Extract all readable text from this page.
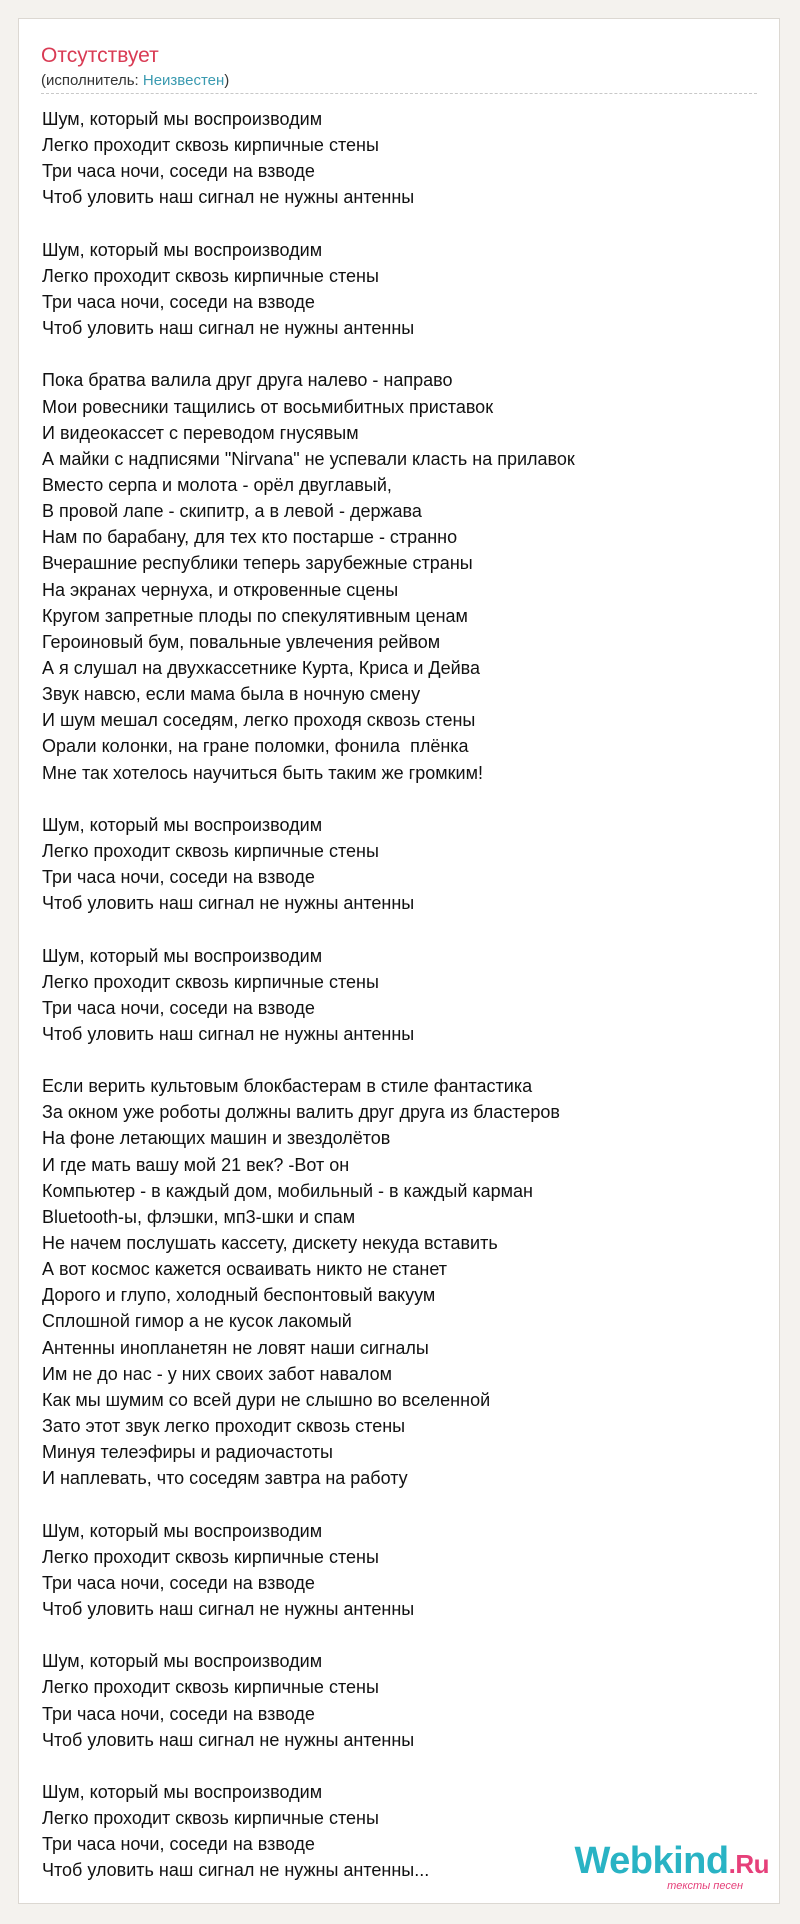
Отсутствует
(исполнитель: Неизвестен)
Шум, который мы воспроизводим
Легко проходит сквозь кирпичные стены
Три часа ночи, соседи на взводе
Чтоб уловить наш сигнал не нужны антенны

Шум, который мы воспроизводим
Легко проходит сквозь кирпичные стены
Три часа ночи, соседи на взводе
Чтоб уловить наш сигнал не нужны антенны

Пока братва валила друг друга налево - направо
Мои ровесники тащились от восьмибитных приставок
И видеокассет с переводом гнусявым
А майки с надписями "Nirvana" не успевали класть на прилавок
Вместо серпа и молота - орёл двуглавый,
В провой лапе - скипитр, а в левой - держава
Нам по барабану, для тех кто постарше - странно
Вчерашние республики теперь зарубежные страны
На экранах чернуха, и откровенные сцены
Кругом запретные плоды по спекулятивным ценам
Героиновый бум, повальные увлечения рейвом
А я слушал на двухкассетнике Курта, Криса и Дейва
Звук навсю, если мама была в ночную смену
И шум мешал соседям, легко проходя сквозь стены
Орали колонки, на гране поломки, фонила  плёнка
Мне так хотелось научиться быть таким же громким!

Шум, который мы воспроизводим
Легко проходит сквозь кирпичные стены
Три часа ночи, соседи на взводе
Чтоб уловить наш сигнал не нужны антенны

Шум, который мы воспроизводим
Легко проходит сквозь кирпичные стены
Три часа ночи, соседи на взводе
Чтоб уловить наш сигнал не нужны антенны

Если верить культовым блокбастерам в стиле фантастика
За окном уже роботы должны валить друг друга из бластеров
На фоне летающих машин и звездолётов
И где мать вашу мой 21 век? -Вот он
Компьютер - в каждый дом, мобильный - в каждый карман
Bluetooth-ы, флэшки, мп3-шки и спам
Не начем послушать кассету, дискету некуда вставить
А вот космос кажется осваивать никто не станет
Дорого и глупо, холодный беспонтовый вакуум
Сплошной гимор а не кусок лакомый
Антенны инопланетян не ловят наши сигналы
Им не до нас - у них своих забот навалом
Как мы шумим со всей дури не слышно во вселенной
Зато этот звук легко проходит сквозь стены
Минуя телеэфиры и радиочастоты
И наплевать, что соседям завтра на работу

Шум, который мы воспроизводим
Легко проходит сквозь кирпичные стены
Три часа ночи, соседи на взводе
Чтоб уловить наш сигнал не нужны антенны

Шум, который мы воспроизводим
Легко проходит сквозь кирпичные стены
Три часа ночи, соседи на взводе
Чтоб уловить наш сигнал не нужны антенны

Шум, который мы воспроизводим
Легко проходит сквозь кирпичные стены
Три часа ночи, соседи на взводе
Чтоб уловить наш сигнал не нужны антенны...	Webkind.Ru
тексты песен
